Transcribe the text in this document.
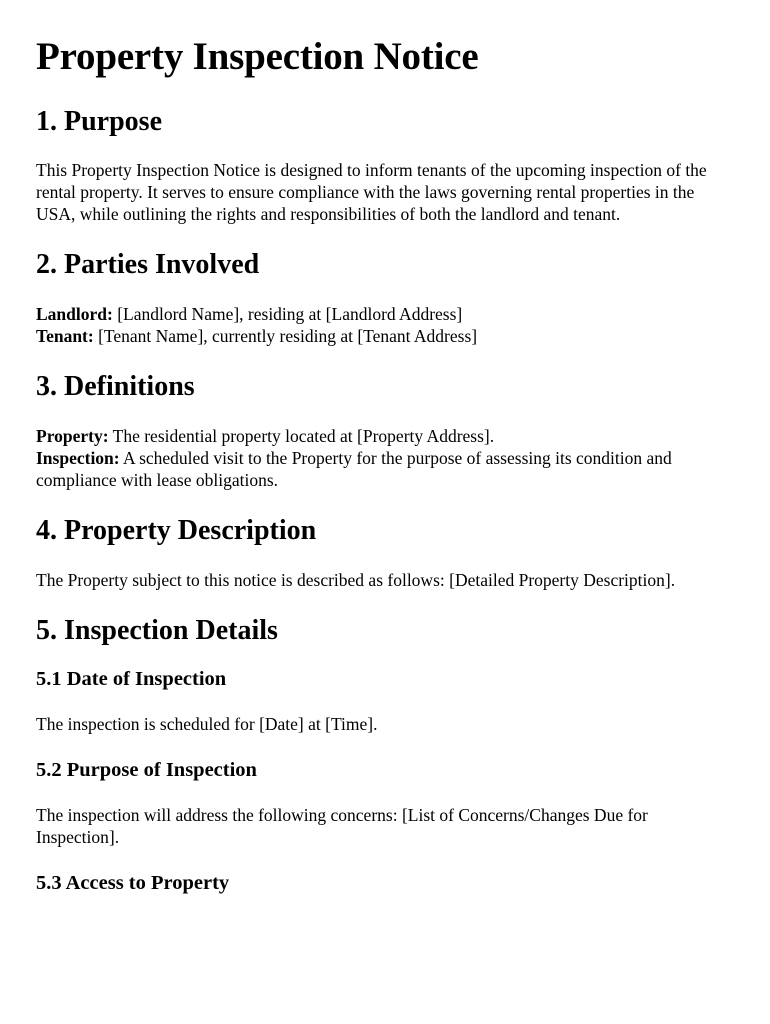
Property Inspection Notice
1. Purpose

This Property Inspection Notice is designed to inform tenants of the upcoming inspection of the rental property. It serves to ensure compliance with the laws governing rental properties in the USA, while outlining the rights and responsibilities of both the landlord and tenant.

2. Parties Involved

Landlord: [Landlord Name], residing at [Landlord Address]
Tenant: [Tenant Name], currently residing at [Tenant Address]

3. Definitions

Property: The residential property located at [Property Address].
Inspection: A scheduled visit to the Property for the purpose of assessing its condition and compliance with lease obligations.

4. Property Description

The Property subject to this notice is described as follows: [Detailed Property Description].

5. Inspection Details
5.1 Date of Inspection

The inspection is scheduled for [Date] at [Time].

5.2 Purpose of Inspection

The inspection will address the following concerns: [List of Concerns/Changes Due for Inspection].

5.3 Access to Property
